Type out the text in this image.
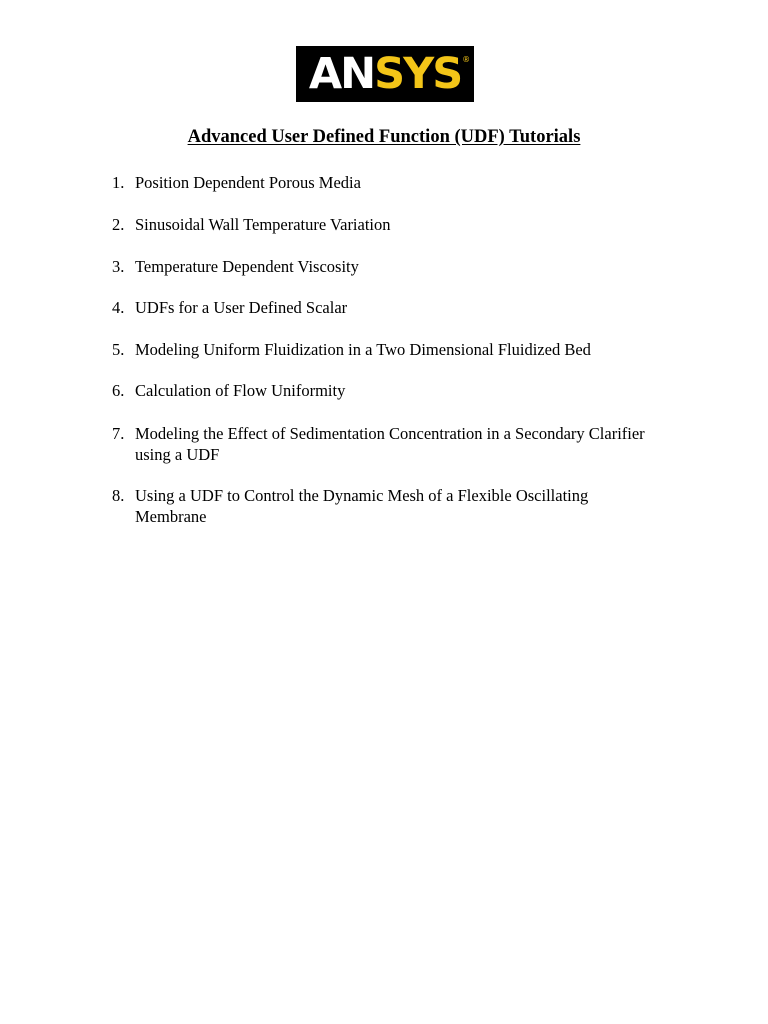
AN SYS ®
Advanced User Defined Function (UDF) Tutorials
1. Position Dependent Porous Media
2. Sinusoidal Wall Temperature Variation
3. Temperature Dependent Viscosity
4. UDFs for a User Defined Scalar
5. Modeling Uniform Fluidization in a Two Dimensional Fluidized Bed
6. Calculation of Flow Uniformity
7. Modeling the Effect of Sedimentation Concentration in a Secondary Clarifier using a UDF
8. Using a UDF to Control the Dynamic Mesh of a Flexible Oscillating Membrane
